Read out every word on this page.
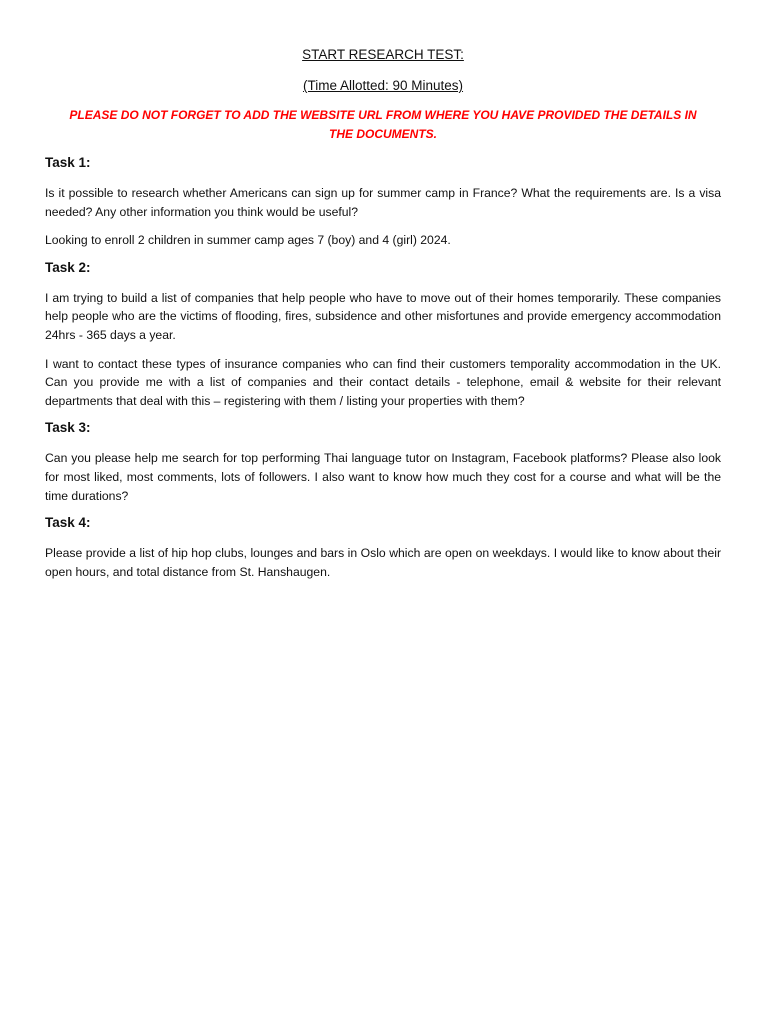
START RESEARCH TEST:

(Time Allotted: 90 Minutes)

PLEASE DO NOT FORGET TO ADD THE WEBSITE URL FROM WHERE YOU HAVE PROVIDED THE DETAILS IN THE DOCUMENTS.

Task 1:

Is it possible to research whether Americans can sign up for summer camp in France? What the requirements are. Is a visa needed? Any other information you think would be useful?

Looking to enroll 2 children in summer camp ages 7 (boy) and 4 (girl) 2024.

Task 2:

I am trying to build a list of companies that help people who have to move out of their homes temporarily. These companies help people who are the victims of flooding, fires, subsidence and other misfortunes and provide emergency accommodation 24hrs - 365 days a year.

I want to contact these types of insurance companies who can find their customers temporality accommodation in the UK. Can you provide me with a list of companies and their contact details - telephone, email & website for their relevant departments that deal with this – registering with them / listing your properties with them?

Task 3:

Can you please help me search for top performing Thai language tutor on Instagram, Facebook platforms? Please also look for most liked, most comments, lots of followers. I also want to know how much they cost for a course and what will be the time durations?

Task 4:

Please provide a list of hip hop clubs, lounges and bars in Oslo which are open on weekdays. I would like to know about their open hours, and total distance from St. Hanshaugen.
